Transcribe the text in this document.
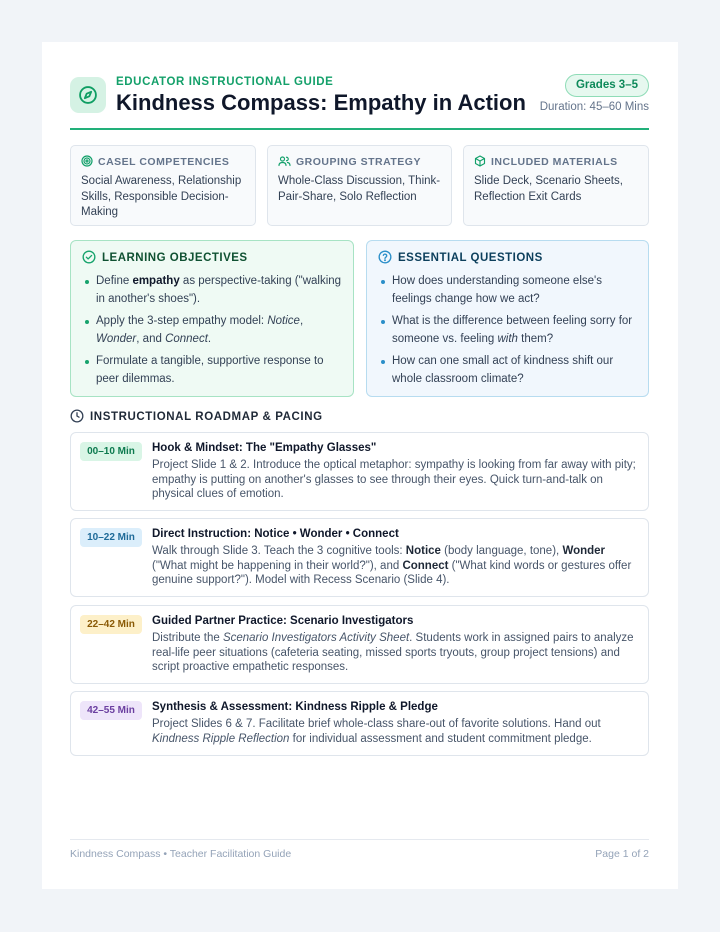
EDUCATOR INSTRUCTIONAL GUIDE
Kindness Compass: Empathy in Action
Grades 3–5
Duration: 45–60 Mins
CASEL COMPETENCIES
Social Awareness, Relationship Skills, Responsible Decision-Making
GROUPING STRATEGY
Whole-Class Discussion, Think-Pair-Share, Solo Reflection
INCLUDED MATERIALS
Slide Deck, Scenario Sheets, Reflection Exit Cards
LEARNING OBJECTIVES
Define empathy as perspective-taking ("walking in another's shoes").
Apply the 3-step empathy model: Notice, Wonder, and Connect.
Formulate a tangible, supportive response to peer dilemmas.
ESSENTIAL QUESTIONS
How does understanding someone else's feelings change how we act?
What is the difference between feeling sorry for someone vs. feeling with them?
How can one small act of kindness shift our whole classroom climate?
INSTRUCTIONAL ROADMAP & PACING
00–10 Min	Hook & Mindset: The "Empathy Glasses"
Project Slide 1 & 2. Introduce the optical metaphor: sympathy is looking from far away with pity; empathy is putting on another's glasses to see through their eyes. Quick turn-and-talk on physical clues of emotion.
10–22 Min	Direct Instruction: Notice • Wonder • Connect
Walk through Slide 3. Teach the 3 cognitive tools: Notice (body language, tone), Wonder ("What might be happening in their world?"), and Connect ("What kind words or gestures offer genuine support?"). Model with Recess Scenario (Slide 4).
22–42 Min	Guided Partner Practice: Scenario Investigators
Distribute the Scenario Investigators Activity Sheet. Students work in assigned pairs to analyze real-life peer situations (cafeteria seating, missed sports tryouts, group project tensions) and script proactive empathetic responses.
42–55 Min	Synthesis & Assessment: Kindness Ripple & Pledge
Project Slides 6 & 7. Facilitate brief whole-class share-out of favorite solutions. Hand out Kindness Ripple Reflection for individual assessment and student commitment pledge.
Kindness Compass • Teacher Facilitation Guide	Page 1 of 2
